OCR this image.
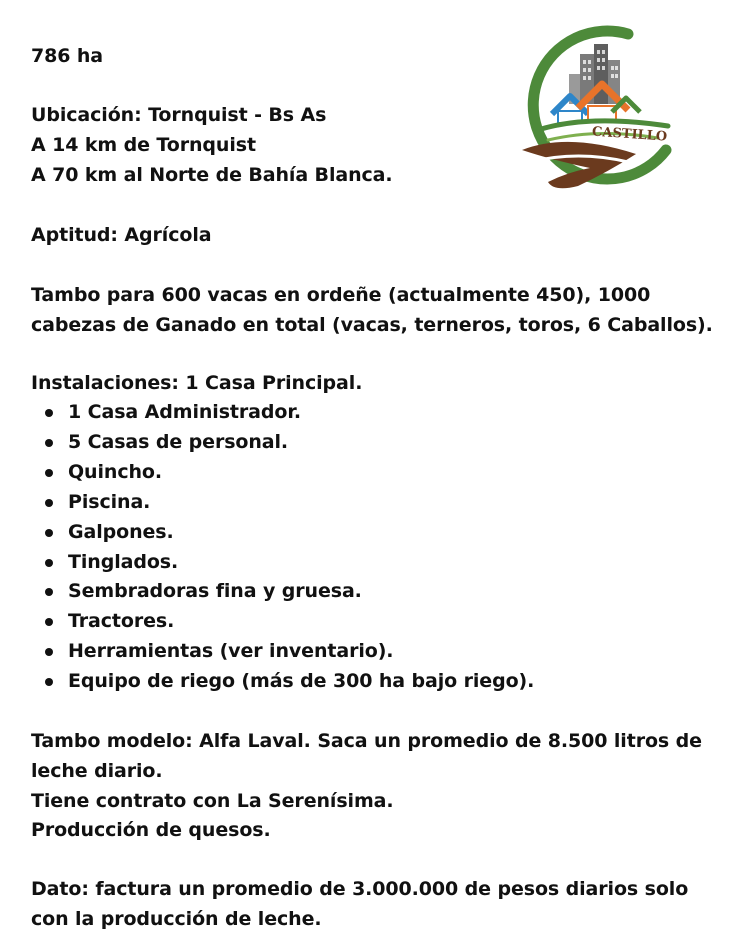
786 ha
Ubicación: Tornquist - Bs As
A 14 km de Tornquist
A 70 km al Norte de Bahía Blanca.
Aptitud: Agrícola
Tambo para 600 vacas en ordeñe (actualmente 450), 1000
cabezas de Ganado en total (vacas, terneros, toros, 6 Caballos).
Instalaciones: 1 Casa Principal.
1 Casa Administrador.
5 Casas de personal.
Quincho.
Piscina.
Galpones.
Tinglados.
Sembradoras fina y gruesa.
Tractores.
Herramientas (ver inventario).
Equipo de riego (más de 300 ha bajo riego).
Tambo modelo: Alfa Laval. Saca un promedio de 8.500 litros de
leche diario.
Tiene contrato con La Serenísima.
Producción de quesos.
Dato: factura un promedio de 3.000.000 de pesos diarios solo
con la producción de leche.
CASTILLO
